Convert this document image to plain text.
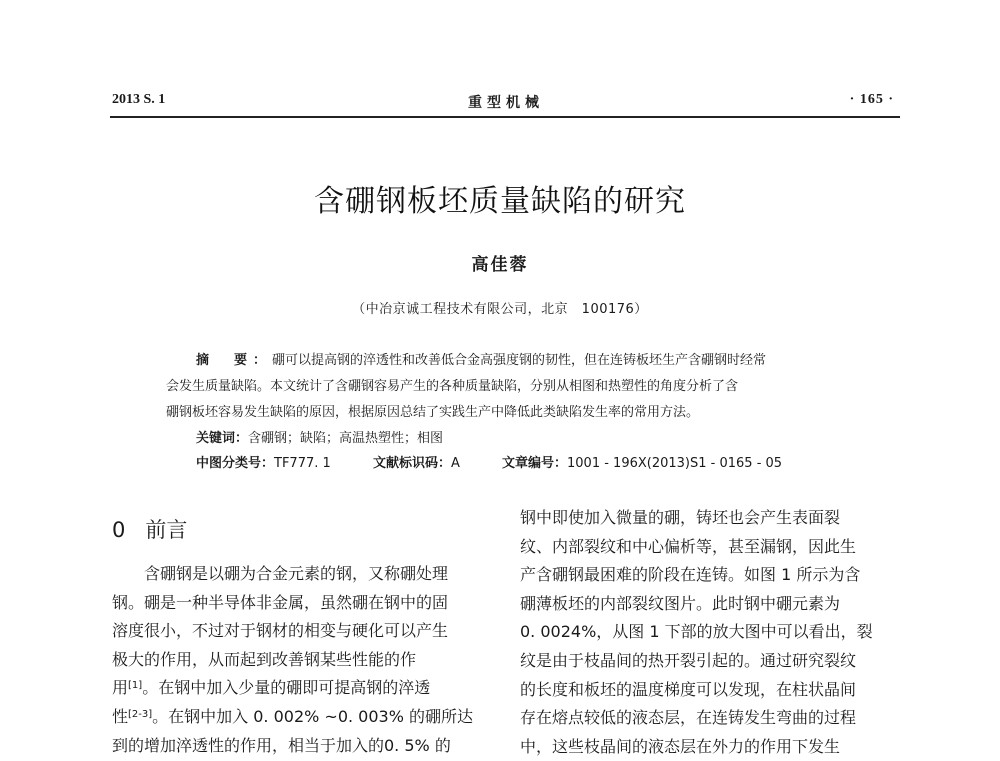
2013 S. 1	重型机械	· 165 ·
含硼钢板坯质量缺陷的研究
高佳蓉
（中冶京诚工程技术有限公司，北京　100176）
摘　要：硼可以提高钢的淬透性和改善低合金高强度钢的韧性，但在连铸板坯生产含硼钢时经常
会发生质量缺陷。本文统计了含硼钢容易产生的各种质量缺陷，分别从相图和热塑性的角度分析了含
硼钢板坯容易发生缺陷的原因，根据原因总结了实践生产中降低此类缺陷发生率的常用方法。
关键词：含硼钢；缺陷；高温热塑性；相图
中图分类号：TF777. 1	文献标识码：A	文章编号：1001 - 196X(2013)S1 - 0165 - 05
0 前言
含硼钢是以硼为合金元素的钢，又称硼处理
钢。硼是一种半导体非金属，虽然硼在钢中的固
溶度很小，不过对于钢材的相变与硬化可以产生
极大的作用，从而起到改善钢某些性能的作
用[1]。在钢中加入少量的硼即可提高钢的淬透
性[2-3]。在钢中加入 0. 002% ~0. 003% 的硼所达
到的增加淬透性的作用，相当于加入的0. 5% 的
钢中即使加入微量的硼，铸坯也会产生表面裂
纹、内部裂纹和中心偏析等，甚至漏钢，因此生
产含硼钢最困难的阶段在连铸。如图 1 所示为含
硼薄板坯的内部裂纹图片。此时钢中硼元素为
0. 0024%，从图 1 下部的放大图中可以看出，裂
纹是由于枝晶间的热开裂引起的。通过研究裂纹
的长度和板坯的温度梯度可以发现，在柱状晶间
存在熔点较低的液态层，在连铸发生弯曲的过程
中，这些枝晶间的液态层在外力的作用下发生
